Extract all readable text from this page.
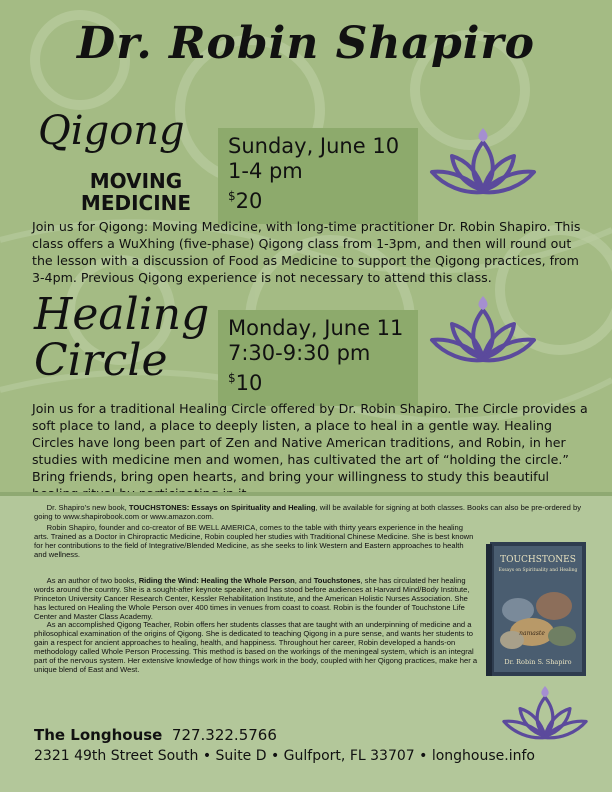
Dr. Robin Shapiro
Qigong
MOVING
MEDICINE
Sunday, June 10
1-4 pm
$20
Join us for Qigong: Moving Medicine, with long-time practitioner Dr. Robin Shapiro. This class offers a WuXhing (five-phase) Qigong class from 1-3pm, and then will round out the lesson with a discussion of Food as Medicine to support the Qigong practices, from 3-4pm. Previous Qigong experience is not necessary to attend this class.
Healing
Circle
Monday, June 11
7:30-9:30 pm
$10
Join us for a traditional Healing Circle offered by Dr. Robin Shapiro. The Circle provides a soft place to land, a place to deeply listen, a place to heal in a gentle way. Healing Circles have long been part of Zen and Native American traditions, and Robin, in her studies with medicine men and women, has cultivated the art of “holding the circle.” Bring friends, bring open hearts, and bring your willingness to study this beautiful
Dr. Shapiro’s new book, TOUCHSTONES: Essays on Spirituality and Healing, will be available for signing at both classes. Books can also be pre-ordered by going to www.shapirobook.com or www.amazon.com.
Robin Shapiro, founder and co-creator of BE WELL AMERICA, comes to the table with thirty years experience in the healing arts. Trained as a Doctor in Chiropractic Medicine, Robin coupled her studies with Traditional Chinese Medicine. She is best known for her contributions to the field of Integrative/Blended Medicine, as she seeks to link Western and Eastern approaches to health and wellness.
As an author of two books, Riding the Wind: Healing the Whole Person, and Touchstones, she has circulated her healing words around the country. She is a sought-after keynote speaker, and has stood before audiences at Harvard Mind/Body Institute, Princeton University Cancer Research Center, Kessler Rehabilitation Institute, and the American Holistic Nurses Association. She has lectured on Healing the Whole Person over 400 times in venues from coast to coast. Robin is the founder of Touchstone Life Center and Master Class Academy.
As an accomplished Qigong Teacher, Robin offers her students classes that are taught with an underpinning of medicine and a philosophical examination of the origins of Qigong. She is dedicated to teaching Qigong in a pure sense, and wants her students to gain a respect for ancient approaches to healing, health, and happiness. Throughout her career, Robin developed a hands-on methodology called Whole Person Processing. This method is based on the workings of the meningeal system, which is an integral part of the nervous system. Her extensive knowledge of how things work in the body, coupled with her Qigong practices, make her a unique blend of East and West.
TOUCHSTONES
Essays on Spirituality and Healing
namaste
Dr. Robin S. Shapiro
The Longhouse 727.322.5766
2321 49th Street South • Suite D • Gulfport, FL 33707 • longhouse.info
